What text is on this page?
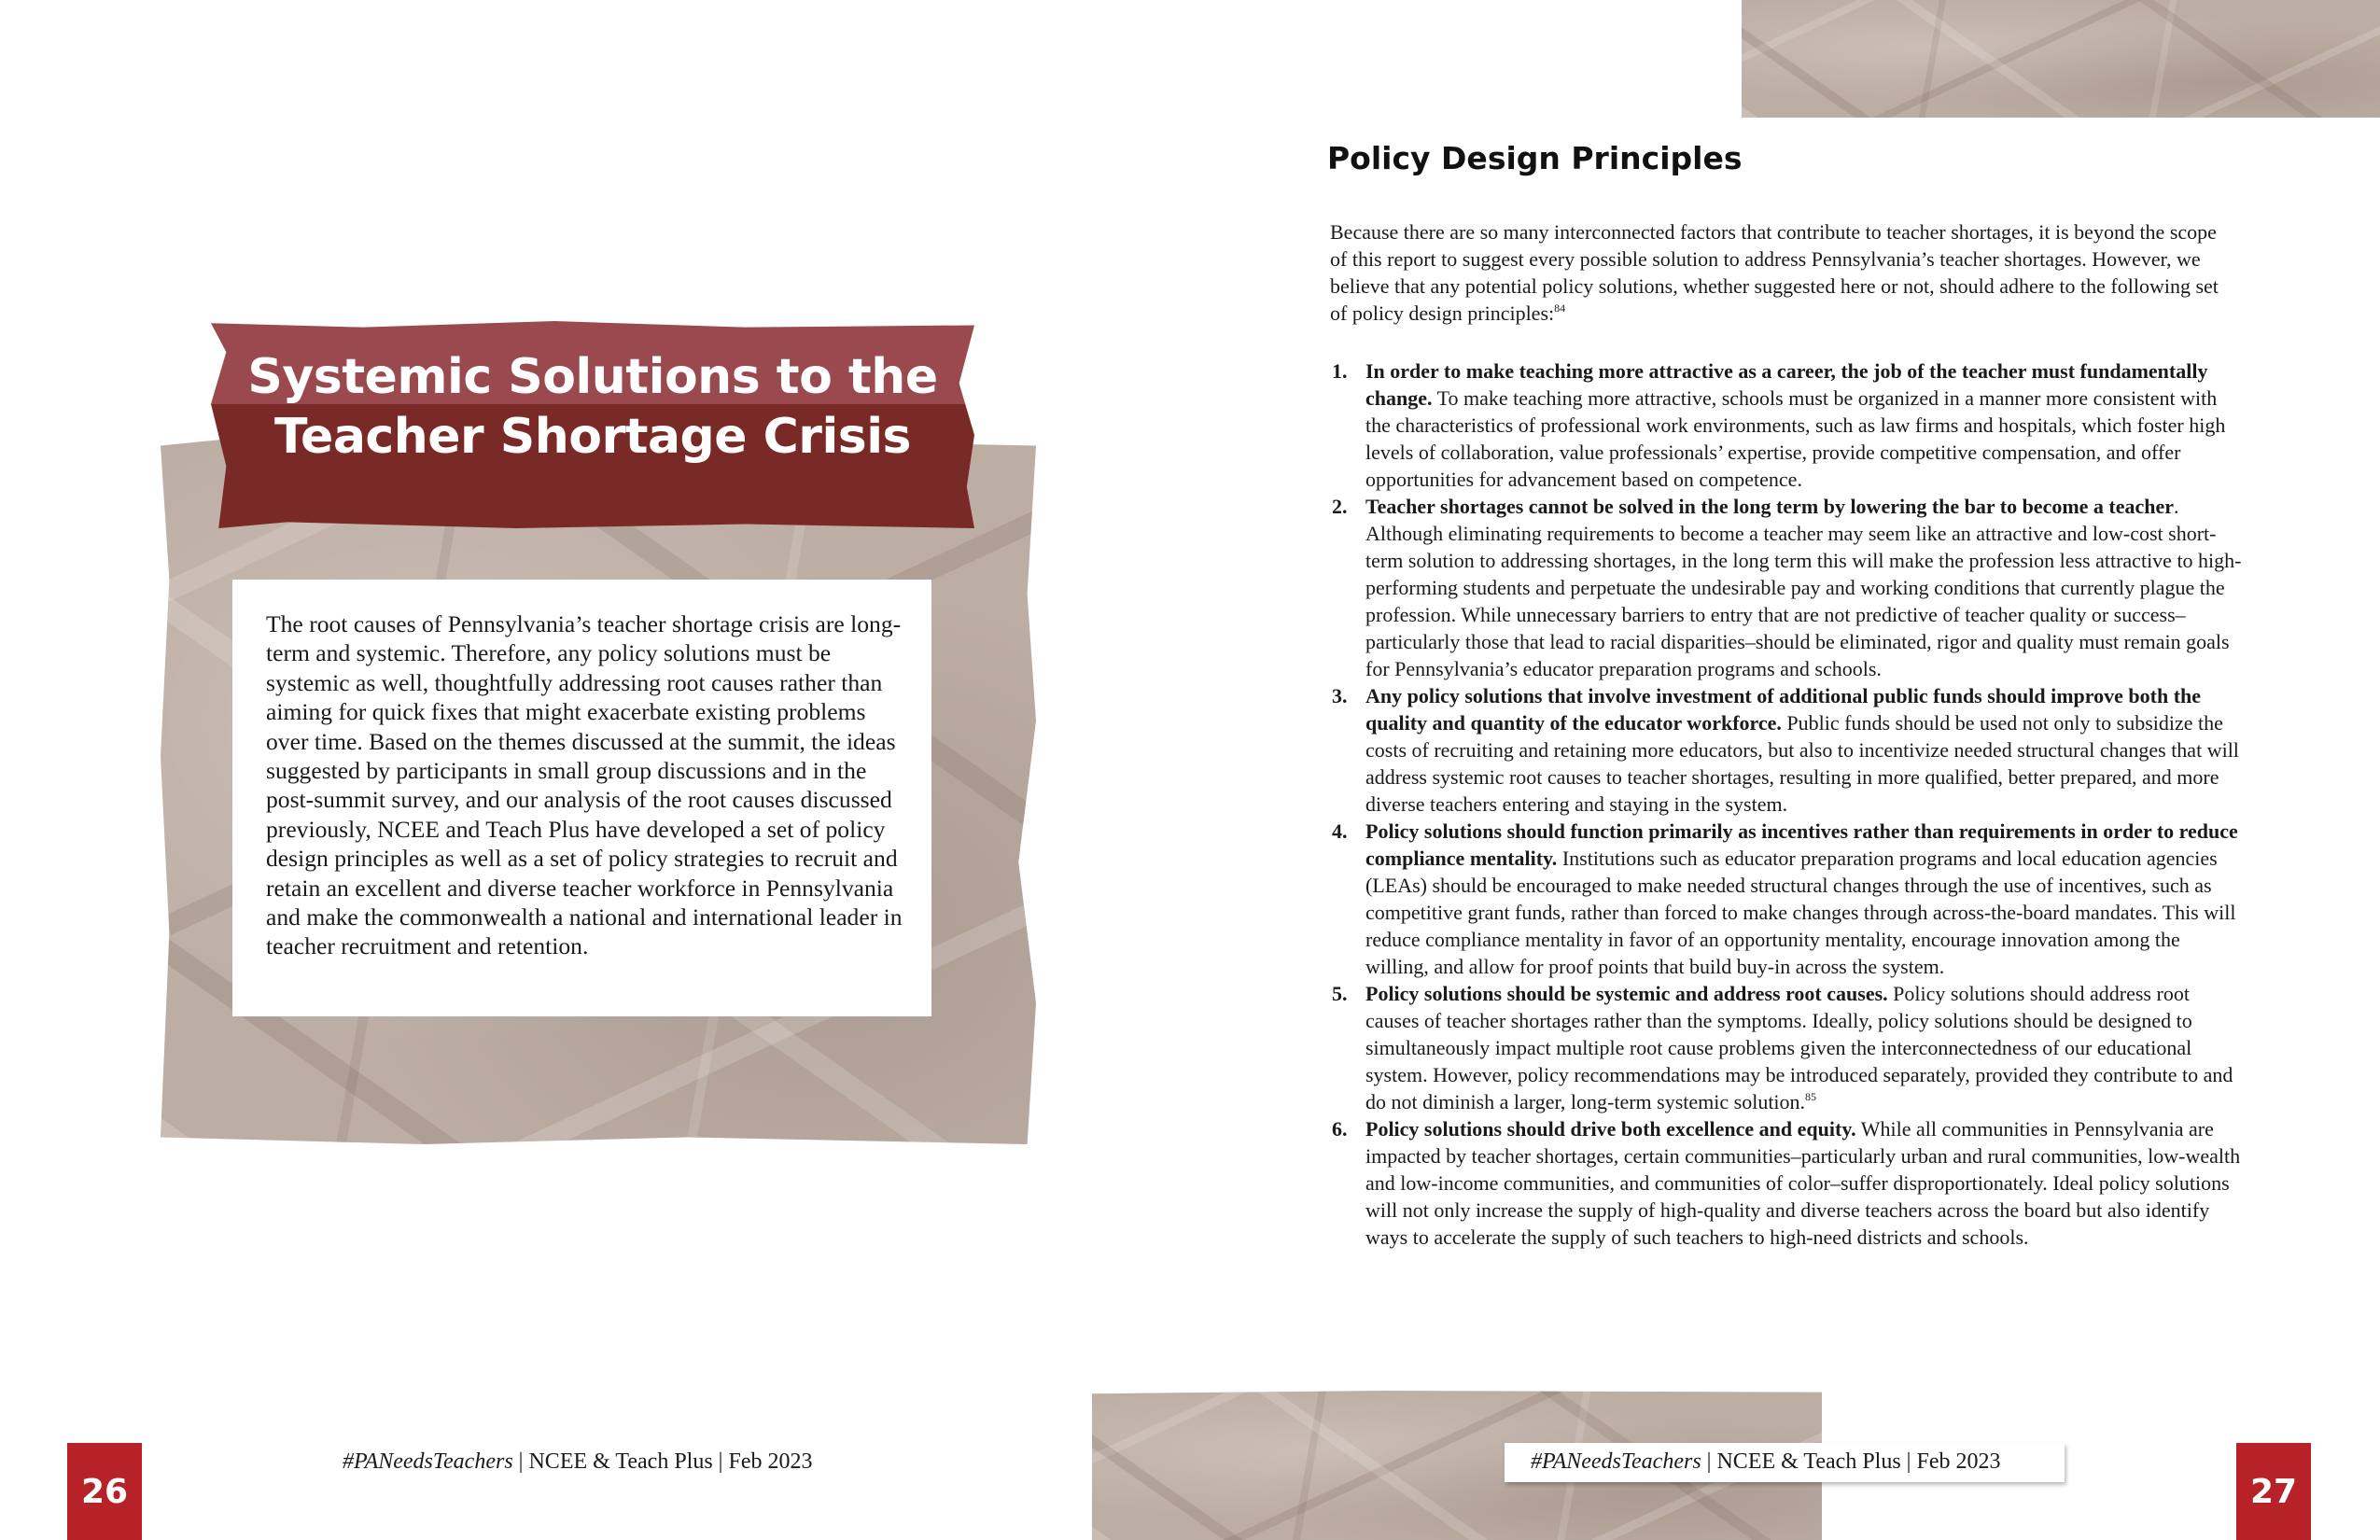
Systemic Solutions to the
Teacher Shortage Crisis

The root causes of Pennsylvania’s teacher shortage crisis are long-term and systemic. Therefore, any policy solutions must be systemic as well, thoughtfully addressing root causes rather than aiming for quick fixes that might exacerbate existing problems over time. Based on the themes discussed at the summit, the ideas suggested by participants in small group discussions and in the post-summit survey, and our analysis of the root causes discussed previously, NCEE and Teach Plus have developed a set of policy design principles as well as a set of policy strategies to recruit and retain an excellent and diverse teacher workforce in Pennsylvania and make the commonwealth a national and international leader in teacher recruitment and retention.

26
#PANeedsTeachers | NCEE & Teach Plus | Feb 2023
Policy Design Principles

Because there are so many interconnected factors that contribute to teacher shortages, it is beyond the scope of this report to suggest every possible solution to address Pennsylvania’s teacher shortages. However, we believe that any potential policy solutions, whether suggested here or not, should adhere to the following set of policy design principles:$^{84}$

1. In order to make teaching more attractive as a career, the job of the teacher must fundamentally change. To make teaching more attractive, schools must be organized in a manner more consistent with the characteristics of professional work environments, such as law firms and hospitals, which foster high levels of collaboration, value professionals’ expertise, provide competitive compensation, and offer opportunities for advancement based on competence.
2. Teacher shortages cannot be solved in the long term by lowering the bar to become a teacher. Although eliminating requirements to become a teacher may seem like an attractive and low-cost short-term solution to addressing shortages, in the long term this will make the profession less attractive to high-performing students and perpetuate the undesirable pay and working conditions that currently plague the profession. While unnecessary barriers to entry that are not predictive of teacher quality or success–particularly those that lead to racial disparities–should be eliminated, rigor and quality must remain goals for Pennsylvania’s educator preparation programs and schools.
3. Any policy solutions that involve investment of additional public funds should improve both the quality and quantity of the educator workforce. Public funds should be used not only to subsidize the costs of recruiting and retaining more educators, but also to incentivize needed structural changes that will address systemic root causes to teacher shortages, resulting in more qualified, better prepared, and more diverse teachers entering and staying in the system.
4. Policy solutions should function primarily as incentives rather than requirements in order to reduce compliance mentality. Institutions such as educator preparation programs and local education agencies (LEAs) should be encouraged to make needed structural changes through the use of incentives, such as competitive grant funds, rather than forced to make changes through across-the-board mandates. This will reduce compliance mentality in favor of an opportunity mentality, encourage innovation among the willing, and allow for proof points that build buy-in across the system.
5. Policy solutions should be systemic and address root causes. Policy solutions should address root causes of teacher shortages rather than the symptoms. Ideally, policy solutions should be designed to simultaneously impact multiple root cause problems given the interconnectedness of our educational system. However, policy recommendations may be introduced separately, provided they contribute to and do not diminish a larger, long-term systemic solution.$^{85}$
6. Policy solutions should drive both excellence and equity. While all communities in Pennsylvania are impacted by teacher shortages, certain communities–particularly urban and rural communities, low-wealth and low-income communities, and communities of color–suffer disproportionately. Ideal policy solutions will not only increase the supply of high-quality and diverse teachers across the board but also identify ways to accelerate the supply of such teachers to high-need districts and schools.
#PANeedsTeachers | NCEE & Teach Plus | Feb 2023
27
